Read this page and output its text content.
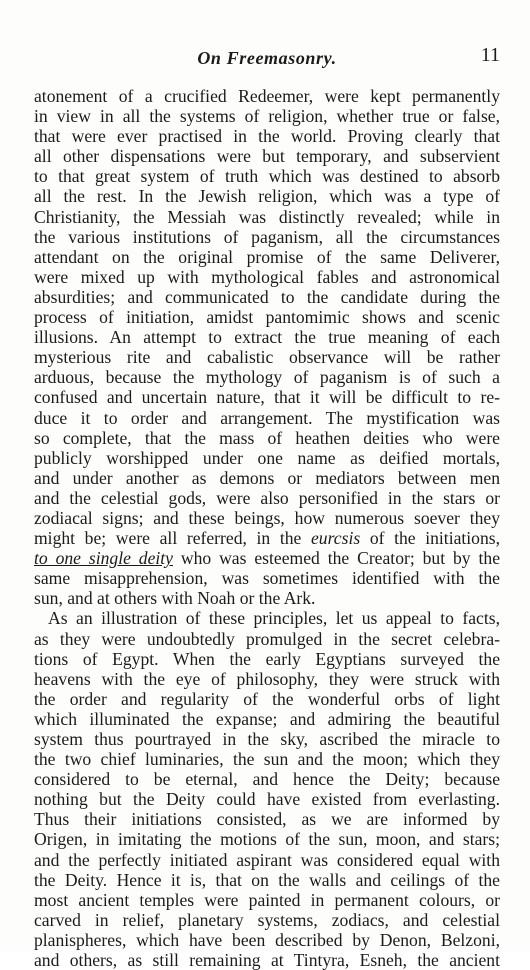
On Freemasonry.	11
atonement of a crucified Redeemer, were kept permanently
in view in all the systems of religion, whether true or false,
that were ever practised in the world. Proving clearly that
all other dispensations were but temporary, and subservient
to that great system of truth which was destined to absorb
all the rest. In the Jewish religion, which was a type of
Christianity, the Messiah was distinctly revealed; while in
the various institutions of paganism, all the circumstances
attendant on the original promise of the same Deliverer,
were mixed up with mythological fables and astronomical
absurdities; and communicated to the candidate during the
process of initiation, amidst pantomimic shows and scenic
illusions. An attempt to extract the true meaning of each
mysterious rite and cabalistic observance will be rather
arduous, because the mythology of paganism is of such a
confused and uncertain nature, that it will be difficult to re-
duce it to order and arrangement. The mystification was
so complete, that the mass of heathen deities who were
publicly worshipped under one name as deified mortals,
and under another as demons or mediators between men
and the celestial gods, were also personified in the stars or
zodiacal signs; and these beings, how numerous soever they
might be; were all referred, in the eurcsis of the initiations,
to one single deity who was esteemed the Creator; but by the
same misapprehension, was sometimes identified with the
sun, and at others with Noah or the Ark.
As an illustration of these principles, let us appeal to facts,
as they were undoubtedly promulged in the secret celebra-
tions of Egypt. When the early Egyptians surveyed the
heavens with the eye of philosophy, they were struck with
the order and regularity of the wonderful orbs of light
which illuminated the expanse; and admiring the beautiful
system thus pourtrayed in the sky, ascribed the miracle to
the two chief luminaries, the sun and the moon; which they
considered to be eternal, and hence the Deity; because
nothing but the Deity could have existed from everlasting.
Thus their initiations consisted, as we are informed by
Origen, in imitating the motions of the sun, moon, and stars;
and the perfectly initiated aspirant was considered equal with
the Deity. Hence it is, that on the walls and ceilings of the
most ancient temples were painted in permanent colours, or
carved in relief, planetary systems, zodiacs, and celestial
planispheres, which have been described by Denon, Belzoni,
and others, as still remaining at Tintyra, Esneh, the ancient
